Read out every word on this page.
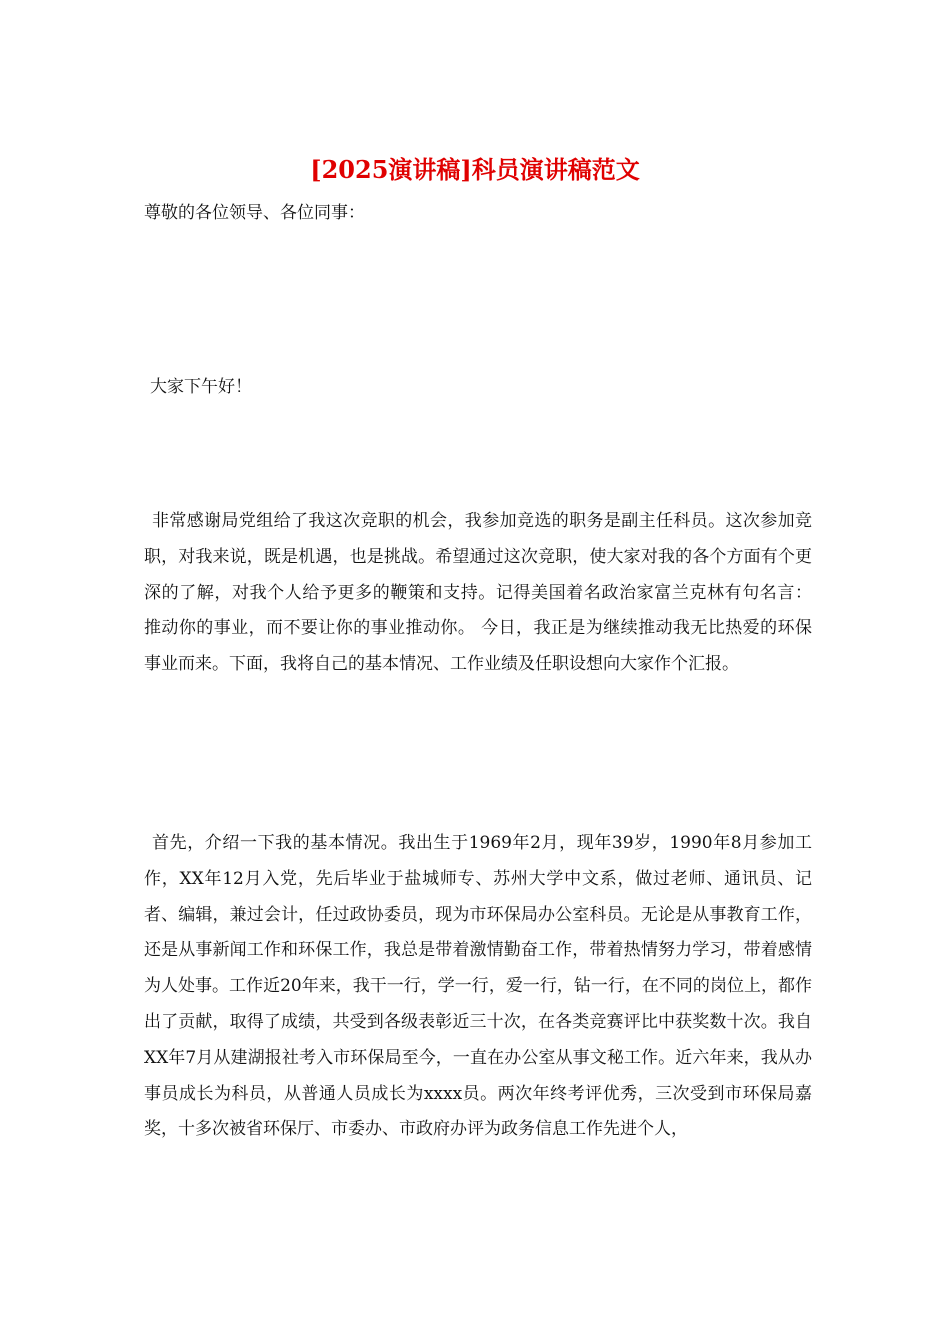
[2025演讲稿]科员演讲稿范文
尊敬的各位领导、各位同事：
大家下午好！
非常感谢局党组给了我这次竞职的机会，我参加竞选的职务是副主任科员。这次参加竞职，对我来说，既是机遇，也是挑战。希望通过这次竞职，使大家对我的各个方面有个更深的了解，对我个人给予更多的鞭策和支持。记得美国着名政治家富兰克林有句名言： 推动你的事业，而不要让你的事业推动你。 今日，我正是为继续推动我无比热爱的环保事业而来。下面，我将自己的基本情况、工作业绩及任职设想向大家作个汇报。
首先，介绍一下我的基本情况。我出生于1969年2月，现年39岁，1990年8月参加工作，XX年12月入党，先后毕业于盐城师专、苏州大学中文系，做过老师、通讯员、记者、编辑，兼过会计，任过政协委员，现为市环保局办公室科员。无论是从事教育工作，还是从事新闻工作和环保工作，我总是带着激情勤奋工作，带着热情努力学习，带着感情为人处事。工作近20年来，我干一行，学一行，爱一行，钻一行，在不同的岗位上，都作出了贡献，取得了成绩，共受到各级表彰近三十次，在各类竞赛评比中获奖数十次。我自XX年7月从建湖报社考入市环保局至今，一直在办公室从事文秘工作。近六年来，我从办事员成长为科员，从普通人员成长为xxxx员。两次年终考评优秀，三次受到市环保局嘉奖，十多次被省环保厅、市委办、市政府办评为政务信息工作先进个人，
